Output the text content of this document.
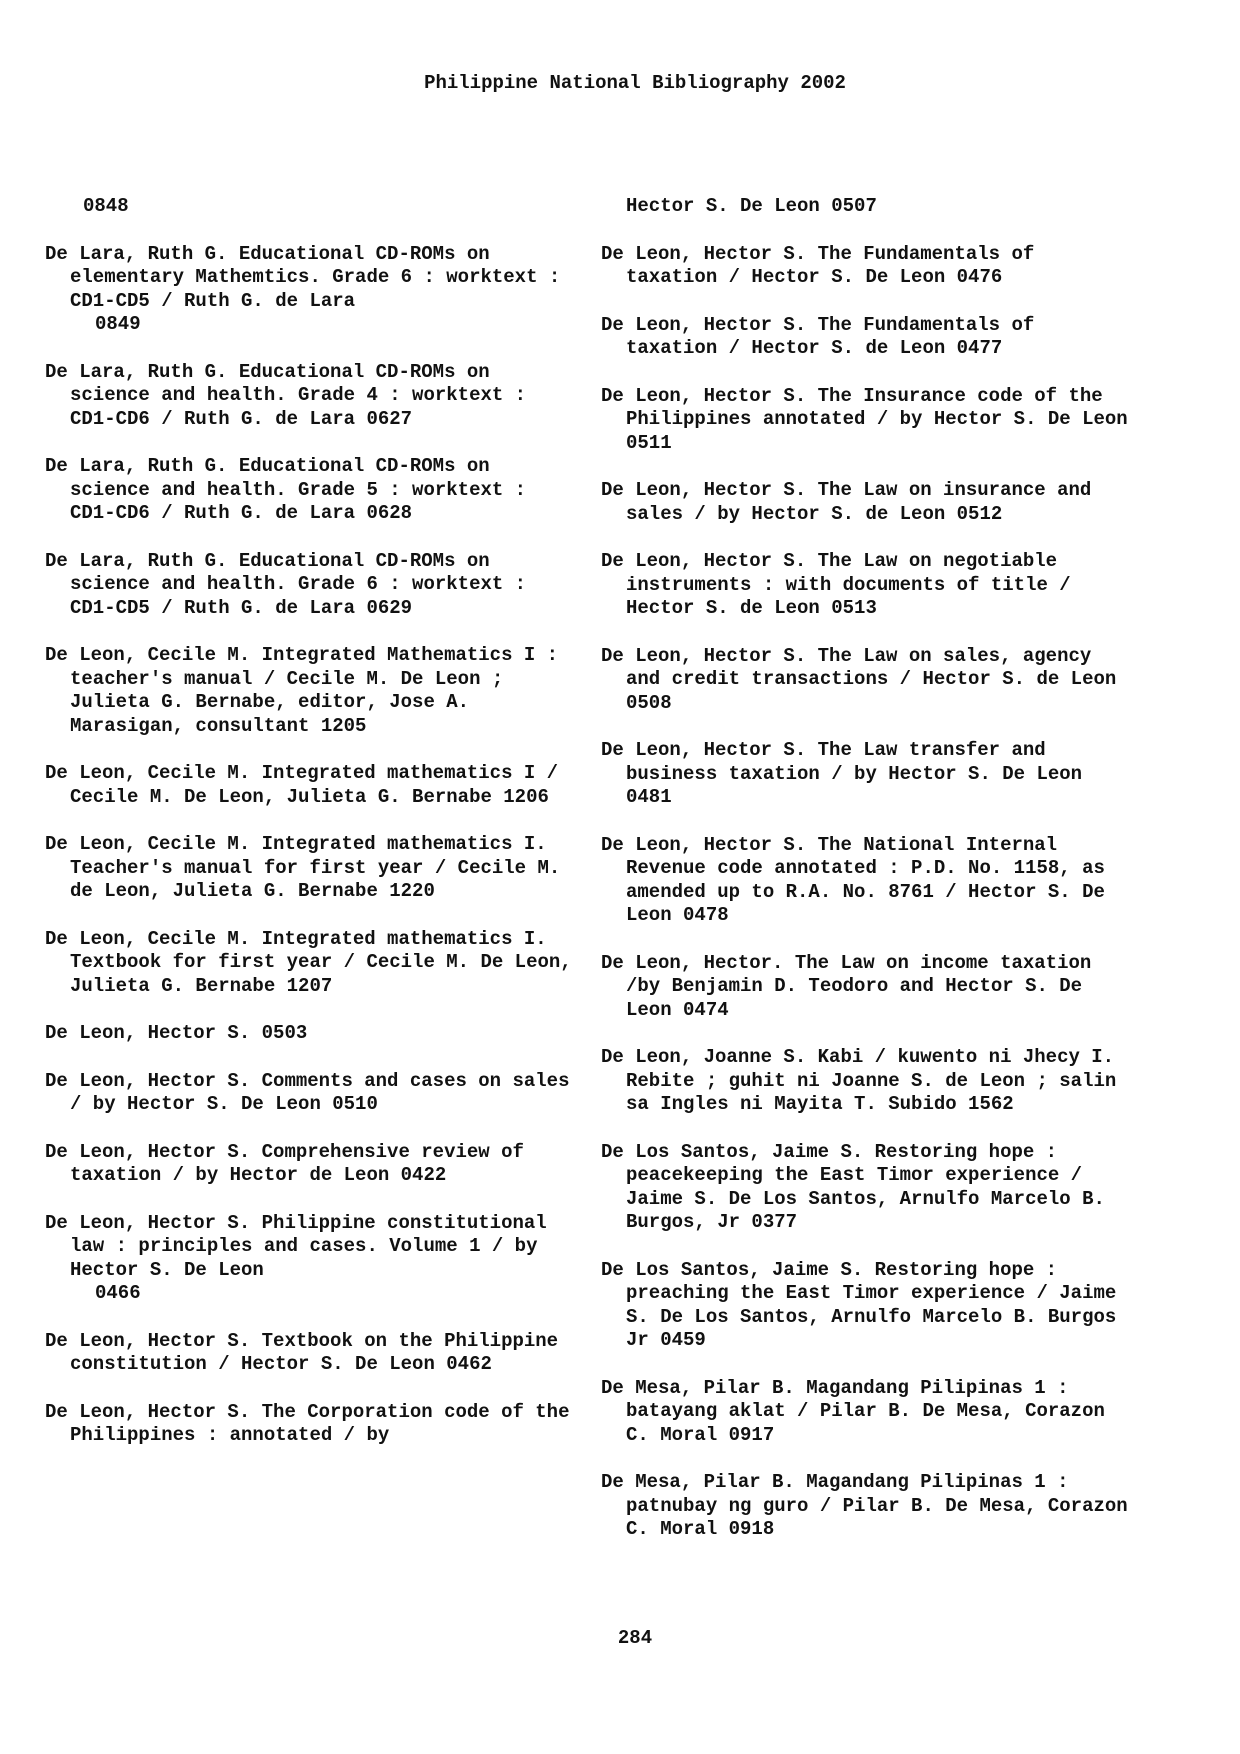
Philippine National Bibliography 2002
0848
De Lara, Ruth G. Educational CD-ROMs on elementary Mathemtics. Grade 6 : worktext : CD1-CD5 / Ruth G. de Lara
0849
De Lara, Ruth G. Educational CD-ROMs on science and health. Grade 4 : worktext : CD1-CD6 / Ruth G. de Lara 0627
De Lara, Ruth G. Educational CD-ROMs on science and health. Grade 5 : worktext : CD1-CD6 / Ruth G. de Lara 0628
De Lara, Ruth G. Educational CD-ROMs on science and health. Grade 6 : worktext : CD1-CD5 / Ruth G. de Lara 0629
De Leon, Cecile M. Integrated Mathematics I : teacher's manual / Cecile M. De Leon ; Julieta G. Bernabe, editor, Jose A. Marasigan, consultant 1205
De Leon, Cecile M. Integrated mathematics I / Cecile M. De Leon, Julieta G. Bernabe 1206
De Leon, Cecile M. Integrated mathematics I. Teacher's manual for first year / Cecile M. de Leon, Julieta G. Bernabe 1220
De Leon, Cecile M. Integrated mathematics I. Textbook for first year / Cecile M. De Leon, Julieta G. Bernabe 1207
De Leon, Hector S. 0503
De Leon, Hector S. Comments and cases on sales / by Hector S. De Leon 0510
De Leon, Hector S. Comprehensive review of taxation / by Hector de Leon 0422
De Leon, Hector S. Philippine constitutional law : principles and cases. Volume 1 / by Hector S. De Leon
0466
De Leon, Hector S. Textbook on the Philippine constitution / Hector S. De Leon 0462
De Leon, Hector S. The Corporation code of the Philippines : annotated / by
Hector S. De Leon 0507
De Leon, Hector S. The Fundamentals of taxation / Hector S. De Leon 0476
De Leon, Hector S. The Fundamentals of taxation / Hector S. de Leon 0477
De Leon, Hector S. The Insurance code of the Philippines annotated / by Hector S. De Leon 0511
De Leon, Hector S. The Law on insurance and sales / by Hector S. de Leon 0512
De Leon, Hector S. The Law on negotiable instruments : with documents of title / Hector S. de Leon 0513
De Leon, Hector S. The Law on sales, agency and credit transactions / Hector S. de Leon 0508
De Leon, Hector S. The Law transfer and business taxation / by Hector S. De Leon 0481
De Leon, Hector S. The National Internal Revenue code annotated : P.D. No. 1158, as amended up to R.A. No. 8761 / Hector S. De Leon 0478
De Leon, Hector. The Law on income taxation /by Benjamin D. Teodoro and Hector S. De Leon 0474
De Leon, Joanne S. Kabi / kuwento ni Jhecy I. Rebite ; guhit ni Joanne S. de Leon ; salin sa Ingles ni Mayita T. Subido 1562
De Los Santos, Jaime S. Restoring hope : peacekeeping the East Timor experience / Jaime S. De Los Santos, Arnulfo Marcelo B. Burgos, Jr 0377
De Los Santos, Jaime S. Restoring hope : preaching the East Timor experience / Jaime S. De Los Santos, Arnulfo Marcelo B. Burgos Jr 0459
De Mesa, Pilar B. Magandang Pilipinas 1 : batayang aklat / Pilar B. De Mesa, Corazon C. Moral 0917
De Mesa, Pilar B. Magandang Pilipinas 1 : patnubay ng guro / Pilar B. De Mesa, Corazon C. Moral 0918
284
